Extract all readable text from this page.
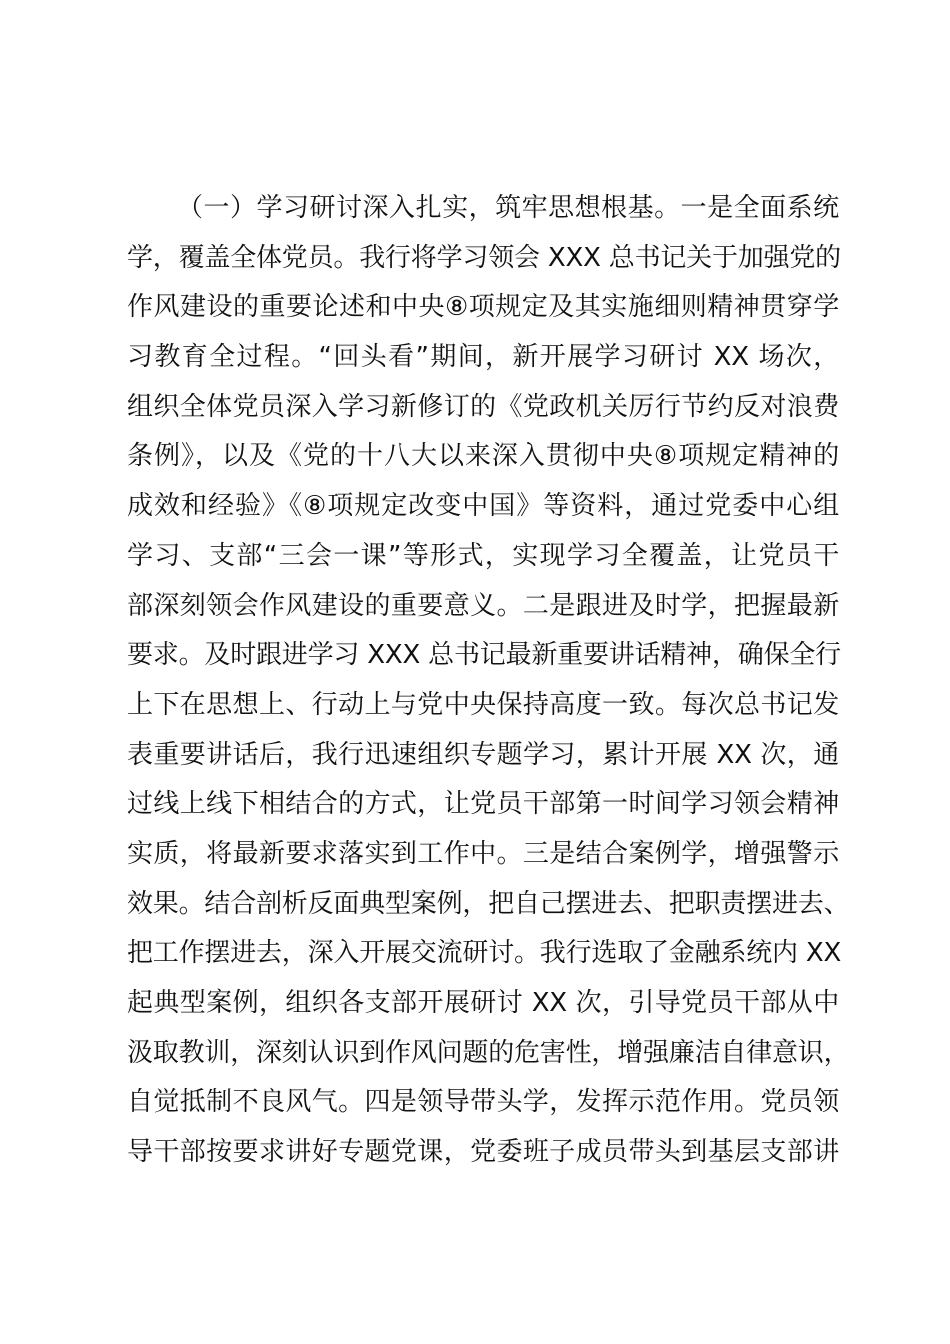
（一）学习研讨深入扎实，筑牢思想根基。一是全面系统
学，覆盖全体党员。我行将学习领会 XXX 总书记关于加强党的
作风建设的重要论述和中央⑧项规定及其实施细则精神贯穿学
习教育全过程。“回头看”期间，新开展学习研讨 XX 场次，
组织全体党员深入学习新修订的《党政机关厉行节约反对浪费
条例》，以及《党的十八大以来深入贯彻中央⑧项规定精神的
成效和经验》《⑧项规定改变中国》等资料，通过党委中心组
学习、支部“三会一课”等形式，实现学习全覆盖，让党员干
部深刻领会作风建设的重要意义。二是跟进及时学，把握最新
要求。及时跟进学习 XXX 总书记最新重要讲话精神，确保全行
上下在思想上、行动上与党中央保持高度一致。每次总书记发
表重要讲话后，我行迅速组织专题学习，累计开展 XX 次，通
过线上线下相结合的方式，让党员干部第一时间学习领会精神
实质，将最新要求落实到工作中。三是结合案例学，增强警示
效果。结合剖析反面典型案例，把自己摆进去、把职责摆进去、
把工作摆进去，深入开展交流研讨。我行选取了金融系统内 XX
起典型案例，组织各支部开展研讨 XX 次，引导党员干部从中
汲取教训，深刻认识到作风问题的危害性，增强廉洁自律意识，
自觉抵制不良风气。四是领导带头学，发挥示范作用。党员领
导干部按要求讲好专题党课，党委班子成员带头到基层支部讲
